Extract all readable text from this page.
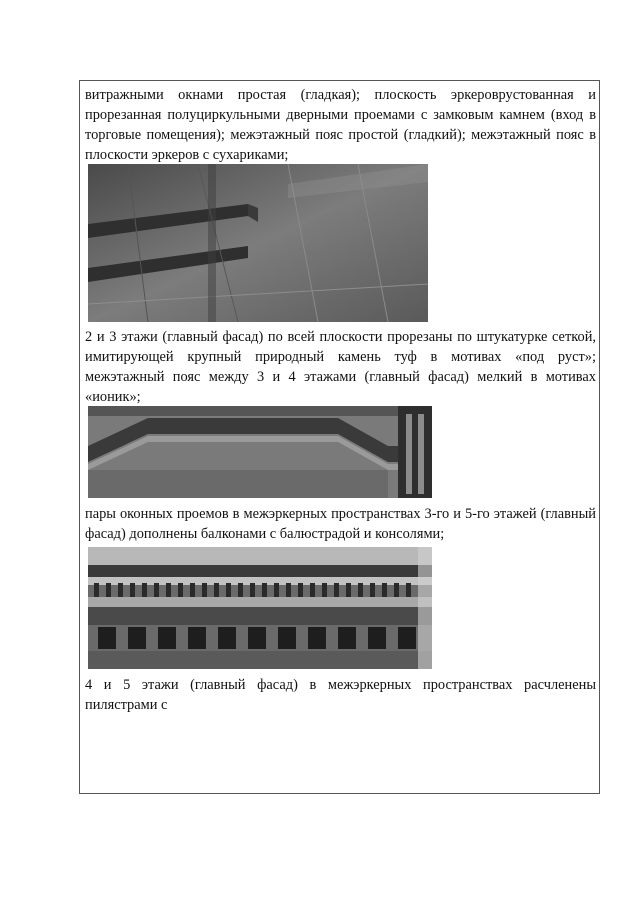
витражными окнами простая (гладкая); плоскость эркероврустованная и прорезанная полуциркульными дверными проемами с замковым камнем (вход в торговые помещения); межэтажный пояс простой (гладкий); межэтажный пояс в плоскости эркеров с сухариками;

2 и 3 этажи (главный фасад) по всей плоскости прорезаны по штукатурке сеткой, имитирующей крупный природный камень туф в мотивах «под руст»; межэтажный пояс между 3 и 4 этажами (главный фасад) мелкий в мотивах «ионик»;

пары оконных проемов в межэркерных пространствах 3-го и 5-го этажей (главный фасад) дополнены балконами с балюстрадой и консолями;

4 и 5 этажи (главный фасад) в межэркерных пространствах расчленены пилястрами с
